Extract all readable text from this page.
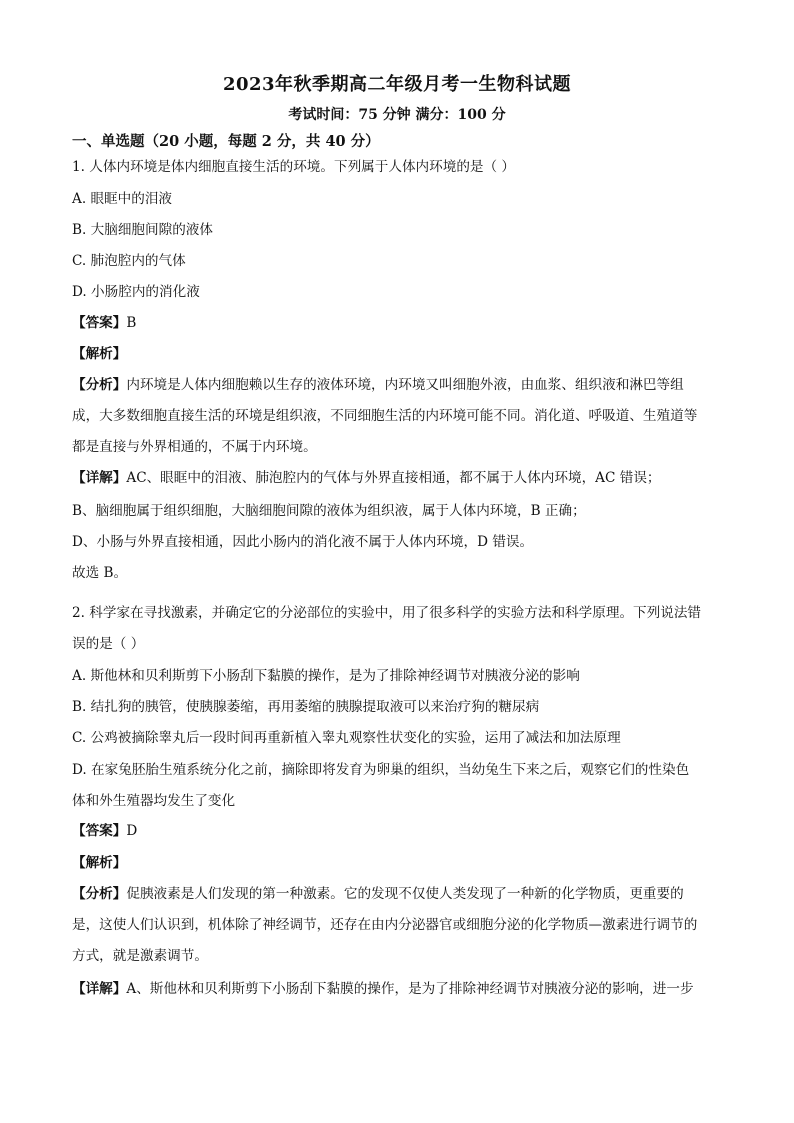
2023年秋季期高二年级月考一生物科试题
考试时间：75 分钟 满分：100 分
一、单选题（20 小题，每题 2 分，共 40 分）
1. 人体内环境是体内细胞直接生活的环境。下列属于人体内环境的是（ ）
A. 眼眶中的泪液
B. 大脑细胞间隙的液体
C. 肺泡腔内的气体
D. 小肠腔内的消化液
【答案】B
【解析】
【分析】内环境是人体内细胞赖以生存的液体环境，内环境又叫细胞外液，由血浆、组织液和淋巴等组
成，大多数细胞直接生活的环境是组织液，不同细胞生活的内环境可能不同。消化道、呼吸道、生殖道等
都是直接与外界相通的，不属于内环境。
【详解】AC、眼眶中的泪液、肺泡腔内的气体与外界直接相通，都不属于人体内环境，AC 错误；
B、脑细胞属于组织细胞，大脑细胞间隙的液体为组织液，属于人体内环境，B 正确；
D、小肠与外界直接相通，因此小肠内的消化液不属于人体内环境，D 错误。
故选 B。
2. 科学家在寻找激素，并确定它的分泌部位的实验中，用了很多科学的实验方法和科学原理。下列说法错
误的是（ ）
A. 斯他林和贝利斯剪下小肠刮下黏膜的操作，是为了排除神经调节对胰液分泌的影响
B. 结扎狗的胰管，使胰腺萎缩，再用萎缩的胰腺提取液可以来治疗狗的糖尿病
C. 公鸡被摘除睾丸后一段时间再重新植入睾丸观察性状变化的实验，运用了减法和加法原理
D. 在家兔胚胎生殖系统分化之前，摘除即将发育为卵巢的组织，当幼兔生下来之后，观察它们的性染色
体和外生殖器均发生了变化
【答案】D
【解析】
【分析】促胰液素是人们发现的第一种激素。它的发现不仅使人类发现了一种新的化学物质，更重要的
是，这使人们认识到，机体除了神经调节，还存在由内分泌器官或细胞分泌的化学物质—激素进行调节的
方式，就是激素调节。
【详解】A、斯他林和贝利斯剪下小肠刮下黏膜的操作，是为了排除神经调节对胰液分泌的影响，进一步
